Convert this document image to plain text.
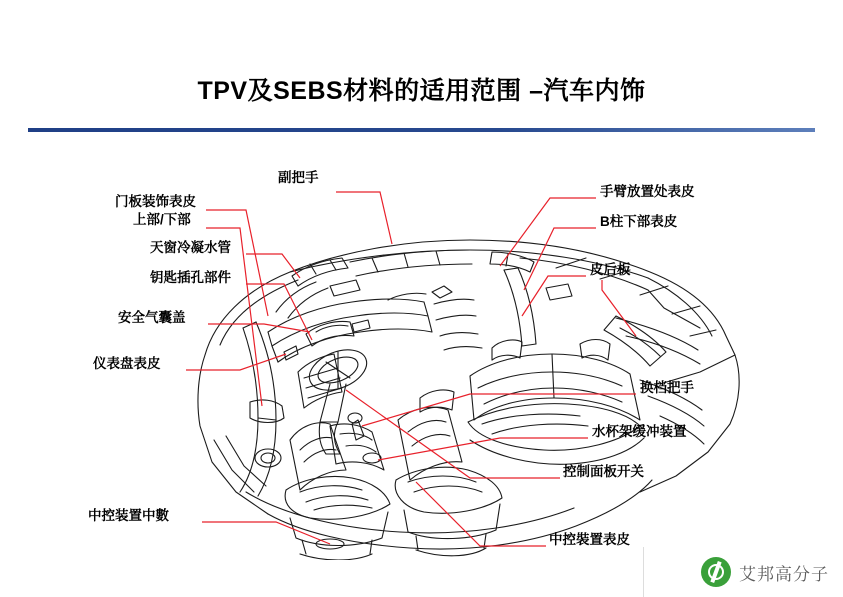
TPV及SEBS材料的适用范围 –汽车内饰
副把手
门板装饰表皮
上部/下部
天窗冷凝水管
钥匙插孔部件
安全气囊盖
仪表盘表皮
中控装置中數
手臂放置处表皮
B柱下部表皮
皮后板
换档把手
水杯架缓冲装置
控制面板开关
中控裝置表皮
艾邦高分子
